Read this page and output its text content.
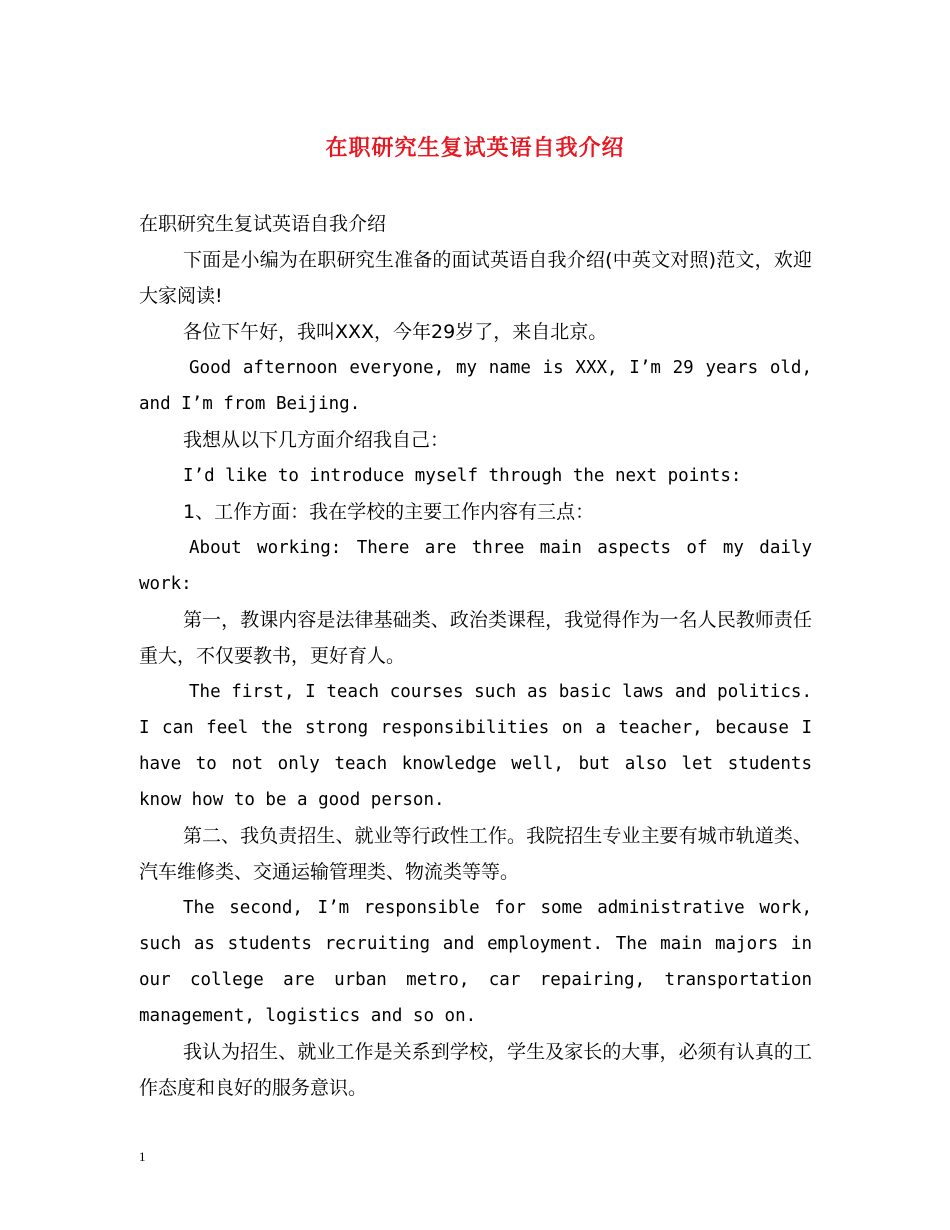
在职研究生复试英语自我介绍

在职研究生复试英语自我介绍

下面是小编为在职研究生准备的面试英语自我介绍(中英文对照)范文，欢迎大家阅读!

各位下午好，我叫XXX，今年29岁了，来自北京。

Good afternoon everyone, my name is XXX, I’m 29 years old, and I’m from Beijing.

我想从以下几方面介绍我自己：

I’d like to introduce myself through the next points:

1、工作方面：我在学校的主要工作内容有三点：

About working: There are three main aspects of my daily work:

第一，教课内容是法律基础类、政治类课程，我觉得作为一名人民教师责任重大，不仅要教书，更好育人。

The first, I teach courses such as basic laws and politics. I can feel the strong responsibilities on a teacher, because I have to not only teach knowledge well, but also let students know how to be a good person.

第二、我负责招生、就业等行政性工作。我院招生专业主要有城市轨道类、汽车维修类、交通运输管理类、物流类等等。

The second, I’m responsible for some administrative work, such as students recruiting and employment. The main majors in our college are urban metro, car repairing, transportation management, logistics and so on.

我认为招生、就业工作是关系到学校，学生及家长的大事，必须有认真的工作态度和良好的服务意识。

1
